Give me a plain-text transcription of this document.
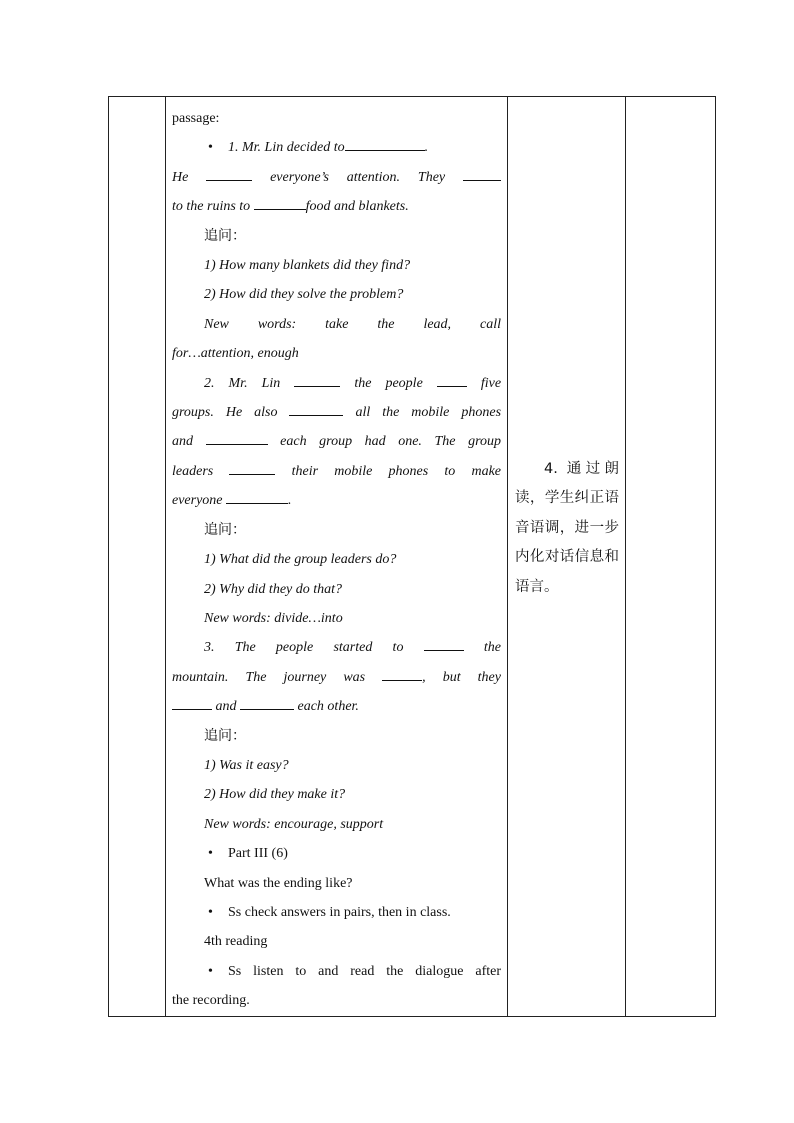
passage:

• 1. Mr. Lin decided to	.

He	everyone’s attention. They

to the ruins to	food and blankets.

追问：

1) How many blankets did they find?

2) How did they solve the problem?

New words: take the lead, call

for…attention, enough

2. Mr. Lin	the people	five

groups. He also	all the mobile phones

and	each group had one. The group

leaders	their mobile phones to make

everyone	.

追问：

1) What did the group leaders do?

2) Why did they do that?

New words: divide…into

3. The people started to	the

mountain. The journey was	, but they

and	each other.

追问：

1) Was it easy?

2) How did they make it?

New words: encourage, support

• Part III (6)

What was the ending like?

• Ss check answers in pairs, then in class.

4th reading

• Ss listen to and read the dialogue after

the recording.

4. 通过朗读，学生纠正语音语调，进一步内化对话信息和语言。
